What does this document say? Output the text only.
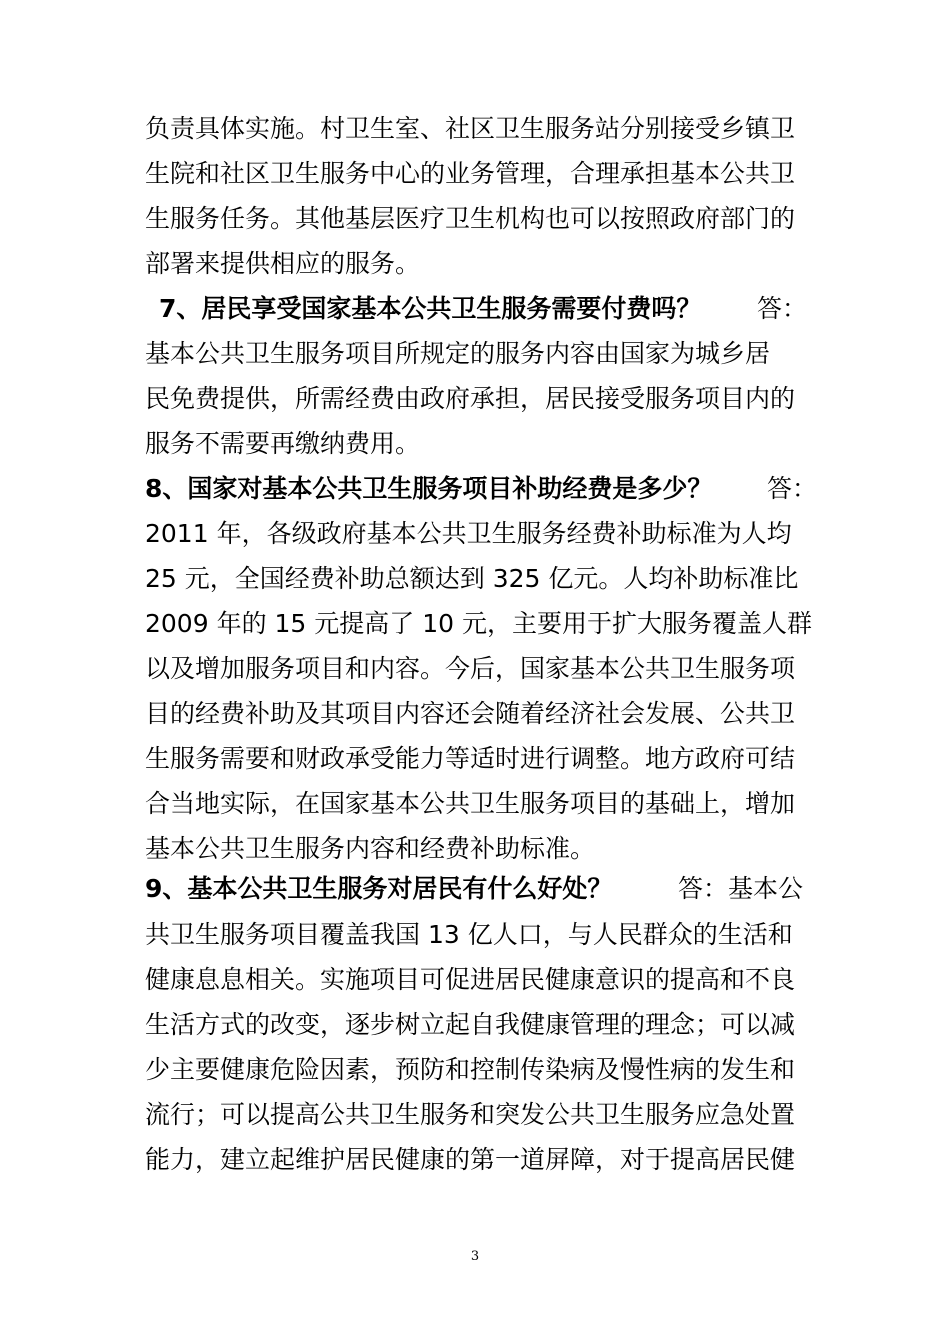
负责具体实施。村卫生室、社区卫生服务站分别接受乡镇卫
生院和社区卫生服务中心的业务管理，合理承担基本公共卫
生服务任务。其他基层医疗卫生机构也可以按照政府部门的
部署来提供相应的服务。
7、居民享受国家基本公共卫生服务需要付费吗？ 答：
基本公共卫生服务项目所规定的服务内容由国家为城乡居
民免费提供，所需经费由政府承担，居民接受服务项目内的
服务不需要再缴纳费用。
8、国家对基本公共卫生服务项目补助经费是多少？ 答：
2011 年，各级政府基本公共卫生服务经费补助标准为人均
25 元，全国经费补助总额达到 325 亿元。人均补助标准比
2009 年的 15 元提高了 10 元，主要用于扩大服务覆盖人群
以及增加服务项目和内容。今后，国家基本公共卫生服务项
目的经费补助及其项目内容还会随着经济社会发展、公共卫
生服务需要和财政承受能力等适时进行调整。地方政府可结
合当地实际，在国家基本公共卫生服务项目的基础上，增加
基本公共卫生服务内容和经费补助标准。
9、基本公共卫生服务对居民有什么好处？	答：基本公
共卫生服务项目覆盖我国 13 亿人口，与人民群众的生活和
健康息息相关。实施项目可促进居民健康意识的提高和不良
生活方式的改变，逐步树立起自我健康管理的理念；可以减
少主要健康危险因素，预防和控制传染病及慢性病的发生和
流行；可以提高公共卫生服务和突发公共卫生服务应急处置
能力，建立起维护居民健康的第一道屏障，对于提高居民健
3
